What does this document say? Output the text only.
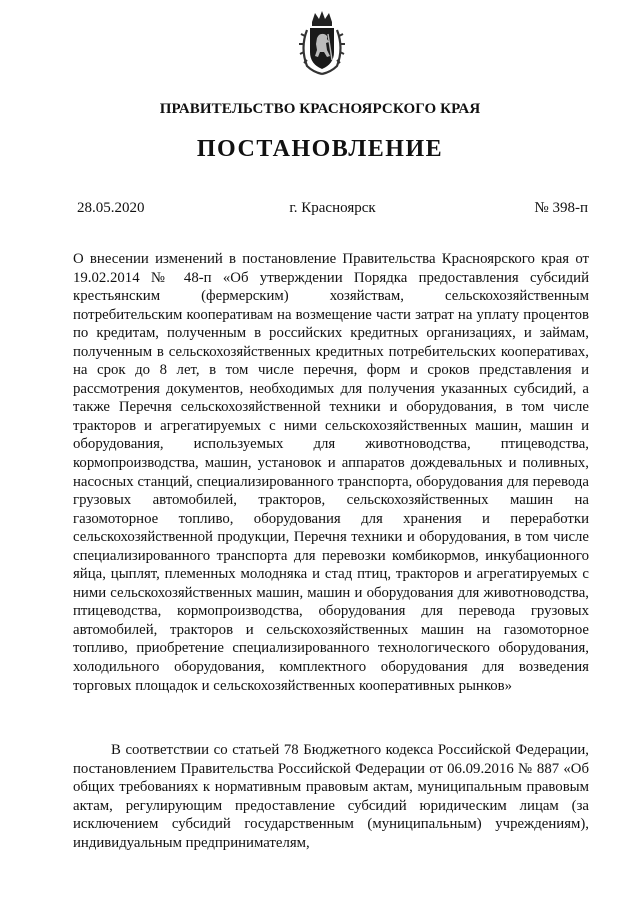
ПРАВИТЕЛЬСТВО КРАСНОЯРСКОГО КРАЯ
ПОСТАНОВЛЕНИЕ
28.05.2020	г. Красноярск	№ 398-п

О внесении изменений в постановление Правительства Красноярского края от 19.02.2014 № 48-п «Об утверждении Порядка предоставления субсидий крестьянским (фермерским) хозяйствам, сельскохозяйственным потребительским кооперативам на возмещение части затрат на уплату процентов по кредитам, полученным в российских кредитных организациях, и займам, полученным в сельскохозяйственных кредитных потребительских кооперативах, на срок до 8 лет, в том числе перечня, форм и сроков представления и рассмотрения документов, необходимых для получения указанных субсидий, а также Перечня сельскохозяйственной техники и оборудования, в том числе тракторов и агрегатируемых с ними сельскохозяйственных машин, машин и оборудования, используемых для животноводства, птицеводства, кормопроизводства, машин, установок и аппаратов дождевальных и поливных, насосных станций, специализированного транспорта, оборудования для перевода грузовых автомобилей, тракторов, сельскохозяйственных машин на газомоторное топливо, оборудования для хранения и переработки сельскохозяйственной продукции, Перечня техники и оборудования, в том числе специализированного транспорта для перевозки комбикормов, инкубационного яйца, цыплят, племенных молодняка и стад птиц, тракторов и агрегатируемых с ними сельскохозяйственных машин, машин и оборудования для животноводства, птицеводства, кормопроизводства, оборудования для перевода грузовых автомобилей, тракторов и сельскохозяйственных машин на газомоторное топливо, приобретение специализированного технологического оборудования, холодильного оборудования, комплектного оборудования для возведения торговых площадок и сельскохозяйственных кооперативных рынков»

В соответствии со статьей 78 Бюджетного кодекса Российской Федерации, постановлением Правительства Российской Федерации от 06.09.2016 № 887 «Об общих требованиях к нормативным правовым актам, муниципальным правовым актам, регулирующим предоставление субсидий юридическим лицам (за исключением субсидий государственным (муниципальным) учреждениям), индивидуальным предпринимателям,
